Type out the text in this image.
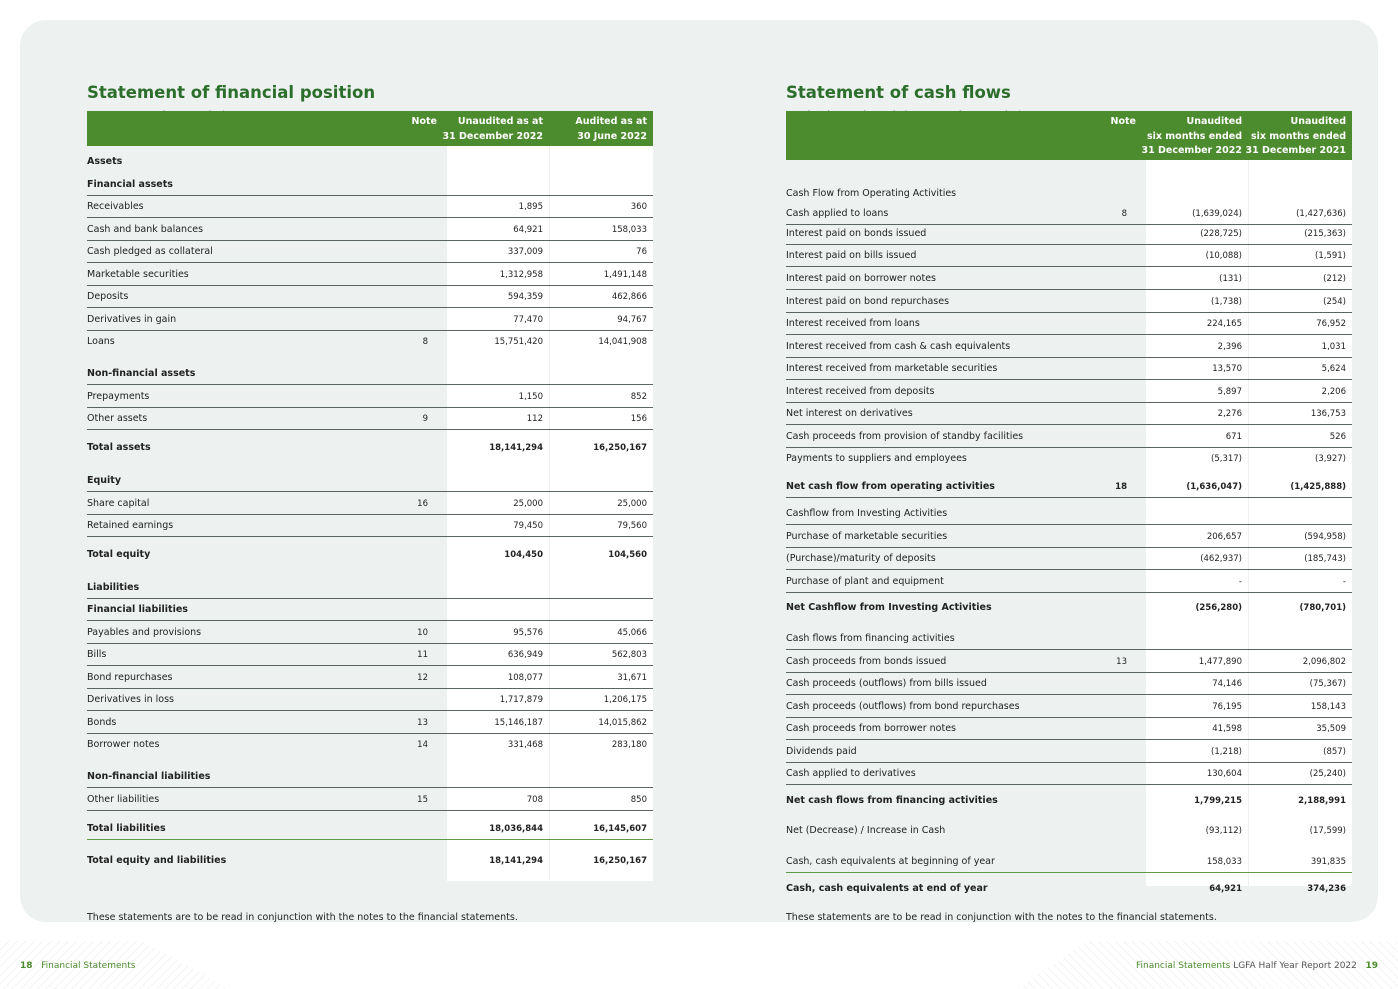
Statement of financial position
Note	Unaudited as at
31 December 2022
Audited as at
30 June 2022
Assets
Financial assets
Receivables	1,895	360
Cash and bank balances	64,921	158,033
Cash pledged as collateral	337,009	76
Marketable securities	1,312,958	1,491,148
Deposits	594,359	462,866
Derivatives in gain	77,470	94,767
Loans	8	15,751,420	14,041,908
Non-financial assets
Prepayments	1,150	852
Other assets	9	112	156
Total assets	18,141,294	16,250,167
Equity
Share capital	16	25,000	25,000
Retained earnings	79,450	79,560
Total equity	104,450	104,560
Liabilities
Financial liabilities
Payables and provisions	10	95,576	45,066
Bills	11	636,949	562,803
Bond repurchases	12	108,077	31,671
Derivatives in loss	1,717,879	1,206,175
Bonds	13	15,146,187	14,015,862
Borrower notes	14	331,468	283,180
Non-financial liabilities
Other liabilities	15	708	850
Total liabilities	18,036,844	16,145,607
Total equity and liabilities	18,141,294	16,250,167
These statements are to be read in conjunction with the notes to the financial statements.
Statement of cash flows
Note	Unaudited
six months ended
31 December 2022
Unaudited
six months ended
31 December 2021
Cash Flow from Operating Activities
Cash applied to loans	8	(1,639,024)	(1,427,636)
Interest paid on bonds issued	(228,725)	(215,363)
Interest paid on bills issued	(10,088)	(1,591)
Interest paid on borrower notes	(131)	(212)
Interest paid on bond repurchases	(1,738)	(254)
Interest received from loans	224,165	76,952
Interest received from cash & cash equivalents	2,396	1,031
Interest received from marketable securities	13,570	5,624
Interest received from deposits	5,897	2,206
Net interest on derivatives	2,276	136,753
Cash proceeds from provision of standby facilities	671	526
Payments to suppliers and employees	(5,317)	(3,927)
Net cash flow from operating activities	18	(1,636,047)	(1,425,888)
Cashflow from Investing Activities
Purchase of marketable securities	206,657	(594,958)
(Purchase)/maturity of deposits	(462,937)	(185,743)
Purchase of plant and equipment	-	-
Net Cashflow from Investing Activities	(256,280)	(780,701)
Cash flows from financing activities
Cash proceeds from bonds issued	13	1,477,890	2,096,802
Cash proceeds (outflows) from bills issued	74,146	(75,367)
Cash proceeds (outflows) from bond repurchases	76,195	158,143
Cash proceeds from borrower notes	41,598	35,509
Dividends paid	(1,218)	(857)
Cash applied to derivatives	130,604	(25,240)
Net cash flows from financing activities	1,799,215	2,188,991
Net (Decrease) / Increase in Cash	(93,112)	(17,599)
Cash, cash equivalents at beginning of year	158,033	391,835
Cash, cash equivalents at end of year	64,921	374,236
These statements are to be read in conjunction with the notes to the financial statements.
18 Financial Statements	Financial Statements LGFA Half Year Report 2022 19
